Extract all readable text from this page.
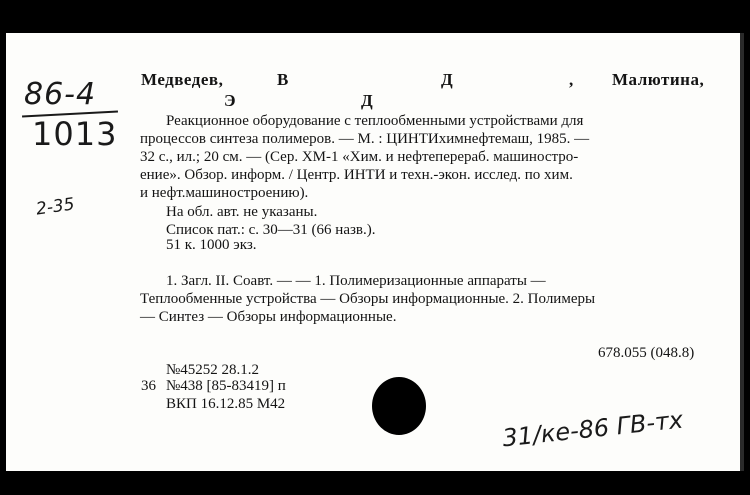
86-4
1013
2-35
Медведев,	В	Д	, Малютина,
Э	Д
Реакционное оборудование с теплообменными устройствами для
процессов синтеза полимеров. — М. : ЦИНТИхимнефтемаш, 1985. —
32 с., ил.; 20 см. — (Сер. ХМ-1 «Хим. и нефтеперераб. машиностро-
ение». Обзор. информ. / Центр. ИНТИ и техн.-экон. исслед. по хим.
и нефт.машиностроению).
На обл. авт. не указаны.
Список пат.: с. 30—31 (66 назв.).
51 к. 1000 экз.
1. Загл. II. Соавт. — — 1. Полимеризационные аппараты —
Теплообменные устройства — Обзоры информационные. 2. Полимеры
— Синтез — Обзоры информационные.
678.055 (048.8)
№45252 28.1.2
36 №438 [85-83419] п
ВКП 16.12.85 М42
31/ке-86 ГВ-тх
